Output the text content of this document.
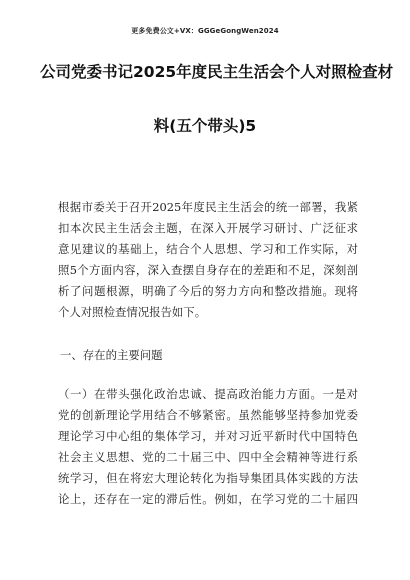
更多免费公文+VX：GGGeGongWen2024
公司党委书记2025年度民主生活会个人对照检查材
料(五个带头)5
根据市委关于召开2025年度民主生活会的统一部署，我紧
扣本次民主生活会主题，在深入开展学习研讨、广泛征求
意见建议的基础上，结合个人思想、学习和工作实际，对
照5个方面内容，深入查摆自身存在的差距和不足，深刻剖
析了问题根源，明确了今后的努力方向和整改措施。现将
个人对照检查情况报告如下。
一、存在的主要问题
（一）在带头强化政治忠诚、提高政治能力方面。一是对
党的创新理论学用结合不够紧密。虽然能够坚持参加党委
理论学习中心组的集体学习，并对习近平新时代中国特色
社会主义思想、党的二十届三中、四中全会精神等进行系
统学习，但在将宏大理论转化为指导集团具体实践的方法
论上，还存在一定的滞后性。例如，在学习党的二十届四
